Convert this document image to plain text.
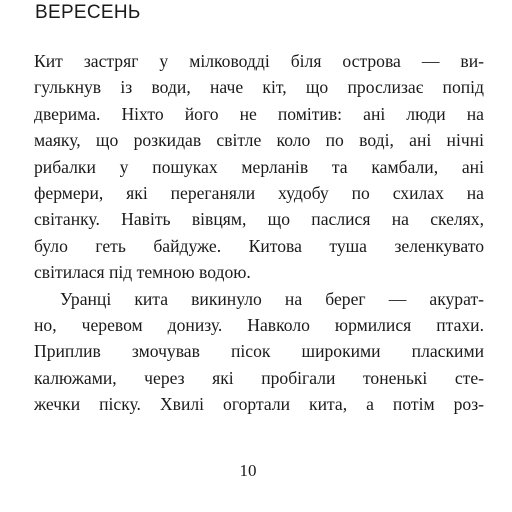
ВЕРЕСЕНЬ
Кит застряг у мілководді біля острова — ви-
гулькнув із води, наче кіт, що прослизає попід
дверима. Ніхто його не помітив: ані люди на
маяку, що розкидав світле коло по воді, ані нічні
рибалки у пошуках мерланів та камбали, ані
фермери, які переганяли худобу по схилах на
світанку. Навіть вівцям, що паслися на скелях,
було геть байдуже. Китова туша зеленкувато
світилася під темною водою.
Уранці кита викинуло на берег — акурат-
но, черевом донизу. Навколо юрмилися птахи.
Приплив змочував пісок широкими пласкими
калюжами, через які пробігали тоненькі сте-
жечки піску. Хвилі огортали кита, а потім роз-
10
